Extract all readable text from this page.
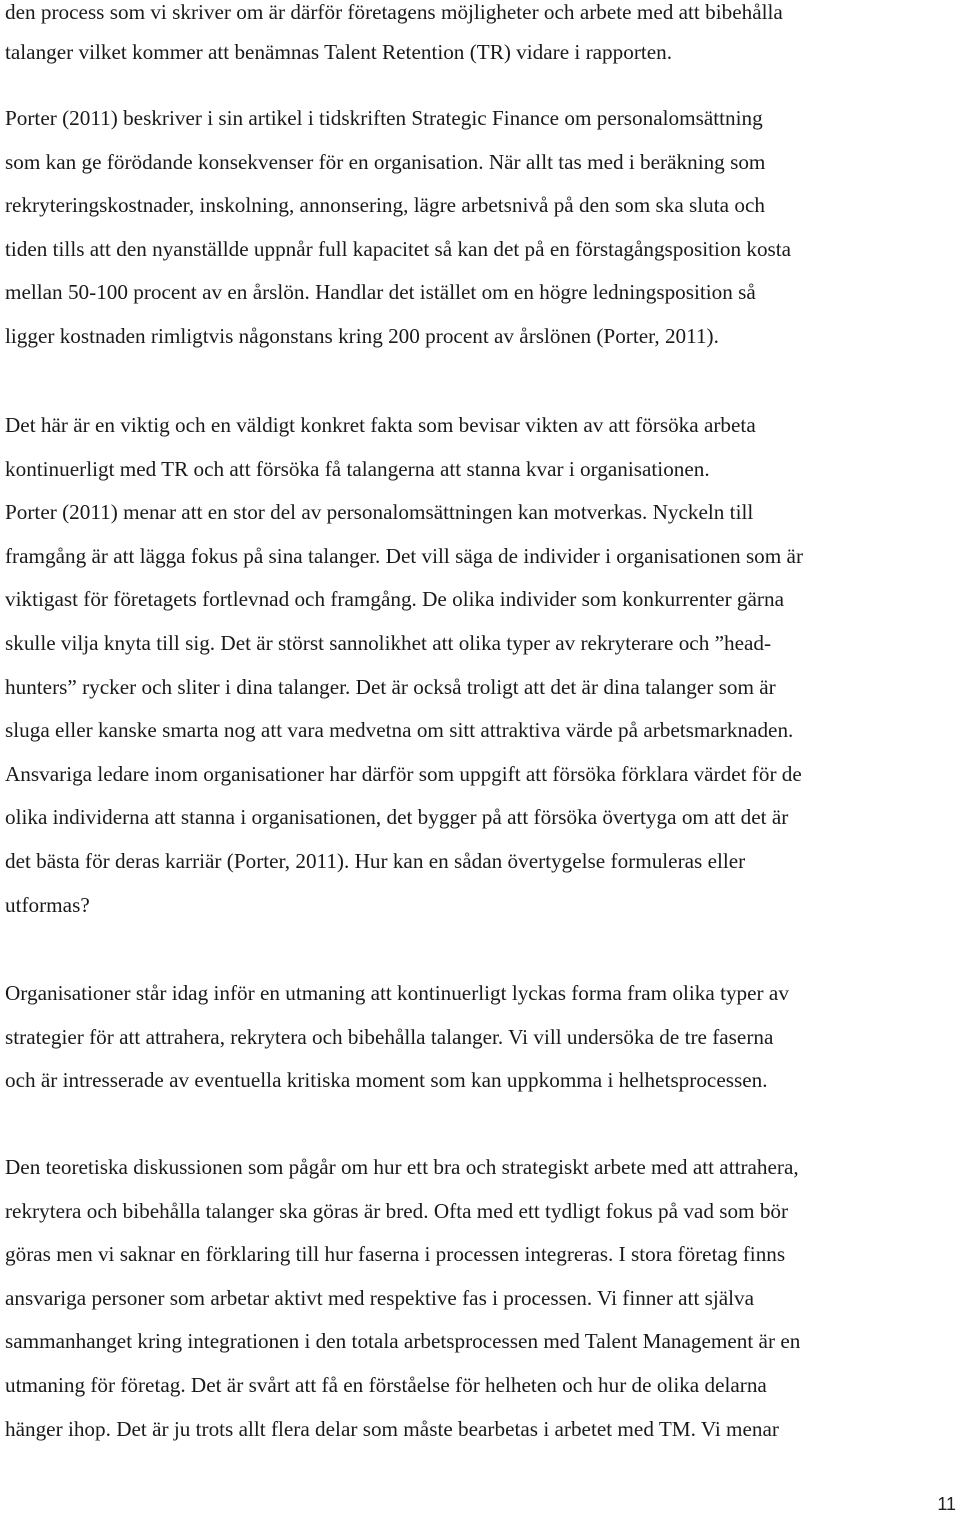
den process som vi skriver om är därför företagens möjligheter och arbete med att bibehålla
talanger vilket kommer att benämnas Talent Retention (TR) vidare i rapporten.

Porter (2011) beskriver i sin artikel i tidskriften Strategic Finance om personalomsättning
som kan ge förödande konsekvenser för en organisation. När allt tas med i beräkning som
rekryteringskostnader, inskolning, annonsering, lägre arbetsnivå på den som ska sluta och
tiden tills att den nyanställde uppnår full kapacitet så kan det på en förstagångsposition kosta
mellan 50-100 procent av en årslön. Handlar det istället om en högre ledningsposition så
ligger kostnaden rimligtvis någonstans kring 200 procent av årslönen (Porter, 2011).

Det här är en viktig och en väldigt konkret fakta som bevisar vikten av att försöka arbeta
kontinuerligt med TR och att försöka få talangerna att stanna kvar i organisationen.
Porter (2011) menar att en stor del av personalomsättningen kan motverkas. Nyckeln till
framgång är att lägga fokus på sina talanger. Det vill säga de individer i organisationen som är
viktigast för företagets fortlevnad och framgång. De olika individer som konkurrenter gärna
skulle vilja knyta till sig. Det är störst sannolikhet att olika typer av rekryterare och ”head-
hunters” rycker och sliter i dina talanger. Det är också troligt att det är dina talanger som är
sluga eller kanske smarta nog att vara medvetna om sitt attraktiva värde på arbetsmarknaden.
Ansvariga ledare inom organisationer har därför som uppgift att försöka förklara värdet för de
olika individerna att stanna i organisationen, det bygger på att försöka övertyga om att det är
det bästa för deras karriär (Porter, 2011). Hur kan en sådan övertygelse formuleras eller
utformas?

Organisationer står idag inför en utmaning att kontinuerligt lyckas forma fram olika typer av
strategier för att attrahera, rekrytera och bibehålla talanger. Vi vill undersöka de tre faserna
och är intresserade av eventuella kritiska moment som kan uppkomma i helhetsprocessen.

Den teoretiska diskussionen som pågår om hur ett bra och strategiskt arbete med att attrahera,
rekrytera och bibehålla talanger ska göras är bred. Ofta med ett tydligt fokus på vad som bör
göras men vi saknar en förklaring till hur faserna i processen integreras. I stora företag finns
ansvariga personer som arbetar aktivt med respektive fas i processen. Vi finner att själva
sammanhanget kring integrationen i den totala arbetsprocessen med Talent Management är en
utmaning för företag. Det är svårt att få en förståelse för helheten och hur de olika delarna
hänger ihop. Det är ju trots allt flera delar som måste bearbetas i arbetet med TM. Vi menar

11
